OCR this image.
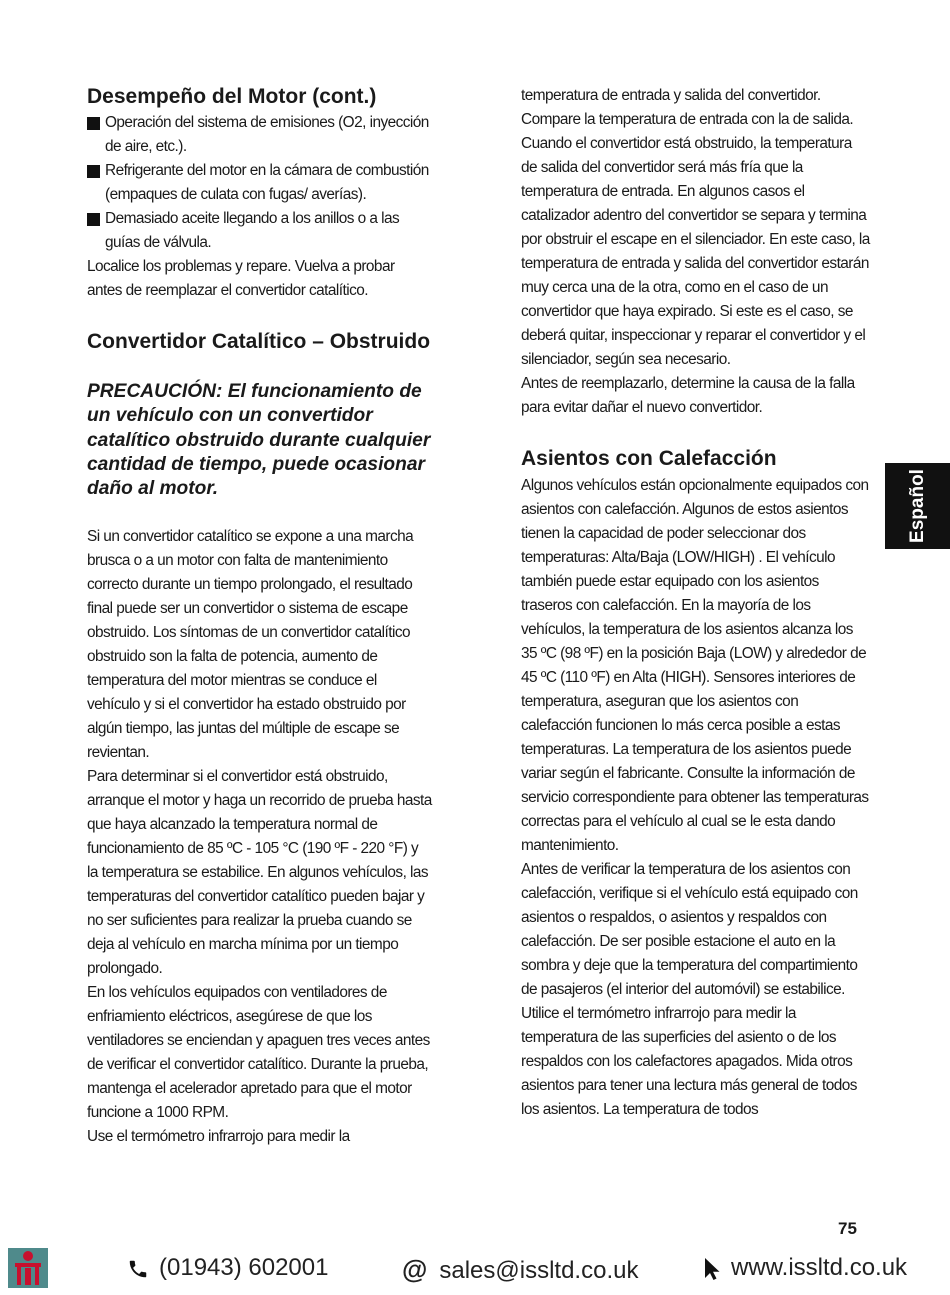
Desempeño del Motor (cont.)
Operación del sistema de emisiones (O2, inyección de aire, etc.).
Refrigerante del motor en la cámara de combustión (empaques de culata con fugas/ averías).
Demasiado aceite llegando a los anillos o a las guías de válvula.

Localice los problemas y repare. Vuelva a probar antes de reemplazar el convertidor catalítico.

Convertidor Catalítico – Obstruido

PRECAUCIÓN: El funcionamiento de un vehículo con un convertidor catalítico obstruido durante cualquier cantidad de tiempo, puede ocasionar daño al motor.

Si un convertidor catalítico se expone a una marcha brusca o a un motor con falta de mantenimiento correcto durante un tiempo prolongado, el resultado final puede ser un convertidor o sistema de escape obstruido. Los síntomas de un convertidor catalítico obstruido son la falta de potencia, aumento de temperatura del motor mientras se conduce el vehículo y si el convertidor ha estado obstruido por algún tiempo, las juntas del múltiple de escape se revientan.

Para determinar si el convertidor está obstruido, arranque el motor y haga un recorrido de prueba hasta que haya alcanzado la temperatura normal de funcionamiento de 85 ºC - 105 °C (190 ºF - 220 °F) y la temperatura se estabilice. En algunos vehículos, las temperaturas del convertidor catalítico pueden bajar y no ser suficientes para realizar la prueba cuando se deja al vehículo en marcha mínima por un tiempo prolongado.

En los vehículos equipados con ventiladores de enfriamiento eléctricos, asegúrese de que los ventiladores se enciendan y apaguen tres veces antes de verificar el convertidor catalítico. Durante la prueba, mantenga el acelerador apretado para que el motor funcione a 1000 RPM.

Use el termómetro infrarrojo para medir la

temperatura de entrada y salida del convertidor. Compare la temperatura de entrada con la de salida. Cuando el convertidor está obstruido, la temperatura de salida del convertidor será más fría que la temperatura de entrada. En algunos casos el catalizador adentro del convertidor se separa y termina por obstruir el escape en el silenciador. En este caso, la temperatura de entrada y salida del convertidor estarán muy cerca una de la otra, como en el caso de un convertidor que haya expirado. Si este es el caso, se deberá quitar, inspeccionar y reparar el convertidor y el silenciador, según sea necesario.

Antes de reemplazarlo, determine la causa de la falla para evitar dañar el nuevo convertidor.

Asientos con Calefacción

Algunos vehículos están opcionalmente equipados con asientos con calefacción. Algunos de estos asientos tienen la capacidad de poder seleccionar dos temperaturas: Alta/Baja (LOW/HIGH) . El vehículo también puede estar equipado con los asientos traseros con calefacción. En la mayoría de los vehículos, la temperatura de los asientos alcanza los 35 ºC (98 ºF) en la posición Baja (LOW) y alrededor de 45 ºC (110 ºF) en Alta (HIGH). Sensores interiores de temperatura, aseguran que los asientos con calefacción funcionen lo más cerca posible a estas temperaturas. La temperatura de los asientos puede variar según el fabricante. Consulte la información de servicio correspondiente para obtener las temperaturas correctas para el vehículo al cual se le esta dando mantenimiento.

Antes de verificar la temperatura de los asientos con calefacción, verifique si el vehículo está equipado con asientos o respaldos, o asientos y respaldos con calefacción. De ser posible estacione el auto en la sombra y deje que la temperatura del compartimiento de pasajeros (el interior del automóvil) se estabilice.

Utilice el termómetro infrarrojo para medir la temperatura de las superficies del asiento o de los respaldos con los calefactores apagados. Mida otros asientos para tener una lectura más general de todos los asientos. La temperatura de todos

Español
75
(01943) 602001	@ sales@issltd.co.uk	www.issltd.co.uk
